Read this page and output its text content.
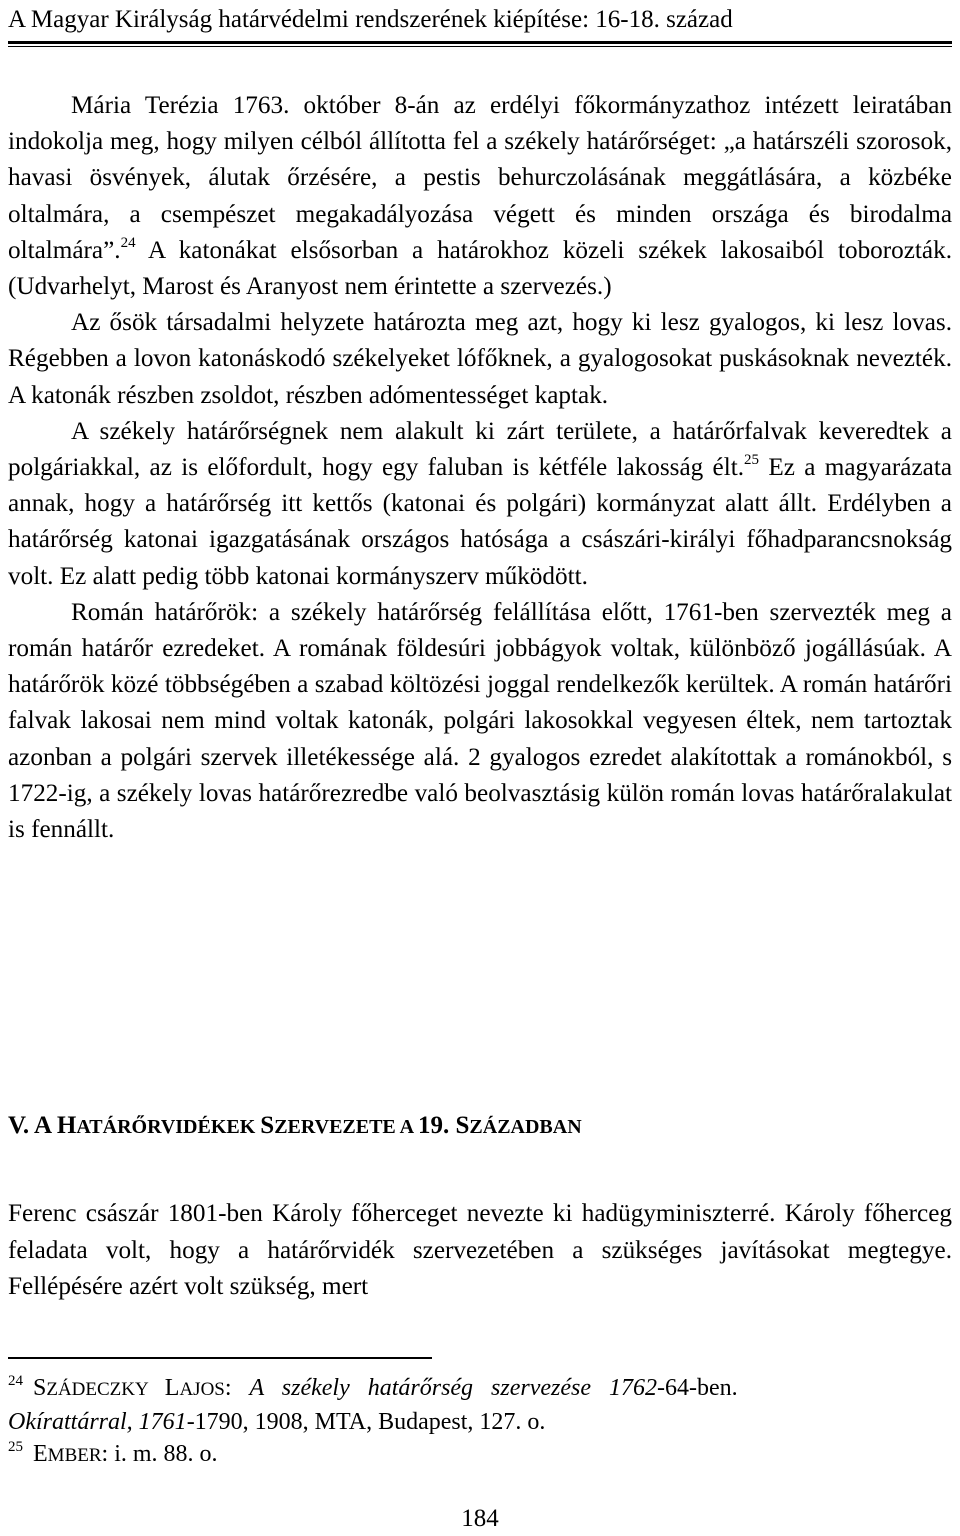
A Magyar Királyság határvédelmi rendszerének kiépítése: 16-18. század

Mária Terézia 1763. október 8-án az erdélyi főkormányzathoz intézett leiratában indokolja meg, hogy milyen célból állította fel a székely határőrséget: „a határszéli szorosok, havasi ösvények, álutak őrzésére, a pestis behurczolásának meggátlására, a közbéke oltalmára, a csempészet megakadályozása végett és minden országa és birodalma oltalmára”.$^{24}$ A katonákat elsősorban a határokhoz közeli székek lakosaiból toborozták. (Udvarhelyt, Marost és Aranyost nem érintette a szervezés.)

Az ősök társadalmi helyzete határozta meg azt, hogy ki lesz gyalogos, ki lesz lovas. Régebben a lovon katonáskodó székelyeket lófőknek, a gyalogosokat puskásoknak nevezték. A katonák részben zsoldot, részben adómentességet kaptak.

A székely határőrségnek nem alakult ki zárt területe, a határőrfalvak keveredtek a polgáriakkal, az is előfordult, hogy egy faluban is kétféle lakosság élt.$^{25}$ Ez a magyarázata annak, hogy a határőrség itt kettős (katonai és polgári) kormányzat alatt állt. Erdélyben a határőrség katonai igazgatásának országos hatósága a császári-királyi főhadparancsnokság volt. Ez alatt pedig több katonai kormányszerv működött.

Román határőrök: a székely határőrség felállítása előtt, 1761-ben szervezték meg a román határőr ezredeket. A romának földesúri jobbágyok voltak, különböző jogállásúak. A határőrök közé többségében a szabad költözési joggal rendelkezők kerültek. A román határőri falvak lakosai nem mind voltak katonák, polgári lakosokkal vegyesen éltek, nem tartoztak azonban a polgári szervek illetékessége alá. 2 gyalogos ezredet alakítottak a románokból, s 1722-ig, a székely lovas határőrezredbe való beolvasztásig külön román lovas határőralakulat is fennállt.

V. A HATÁRŐRVIDÉKEK SZERVEZETE A 19. SZÁZADBAN

Ferenc császár 1801-ben Károly főherceget nevezte ki hadügyminiszterré. Károly főherceg feladata volt, hogy a határőrvidék szervezetében a szükséges javításokat megtegye. Fellépésére azért volt szükség, mert

$^{24}$ SZÁDECZKY LAJOS: A székely határőrség szervezése 1762-64-ben.

Okírattárral, 1761-1790, 1908, MTA, Budapest, 127. o.

$^{25}$ EMBER: i. m. 88. o.

184
